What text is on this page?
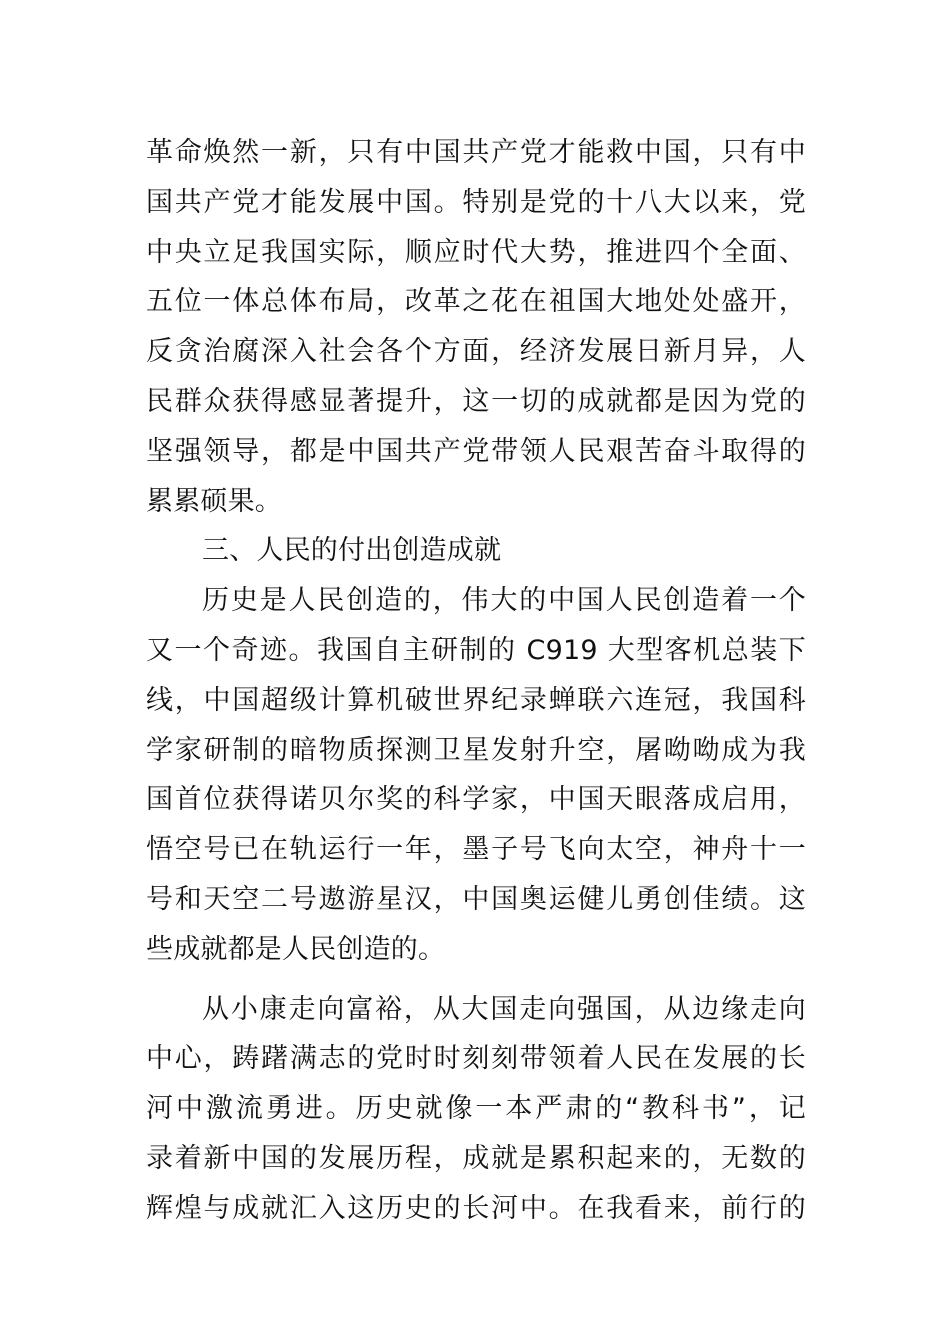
革命焕然一新，只有中国共产党才能救中国，只有中
国共产党才能发展中国。特别是党的十八大以来，党
中央立足我国实际，顺应时代大势，推进四个全面、
五位一体总体布局，改革之花在祖国大地处处盛开，
反贪治腐深入社会各个方面，经济发展日新月异，人
民群众获得感显著提升，这一切的成就都是因为党的
坚强领导，都是中国共产党带领人民艰苦奋斗取得的
累累硕果。
三、人民的付出创造成就
历史是人民创造的，伟大的中国人民创造着一个
又一个奇迹。我国自主研制的 C919 大型客机总装下
线，中国超级计算机破世界纪录蝉联六连冠，我国科
学家研制的暗物质探测卫星发射升空，屠呦呦成为我
国首位获得诺贝尔奖的科学家，中国天眼落成启用，
悟空号已在轨运行一年，墨子号飞向太空，神舟十一
号和天空二号遨游星汉，中国奥运健儿勇创佳绩。这
些成就都是人民创造的。
从小康走向富裕，从大国走向强国，从边缘走向
中心，踌躇满志的党时时刻刻带领着人民在发展的长
河中激流勇进。历史就像一本严肃的“教科书”，记
录着新中国的发展历程，成就是累积起来的，无数的
辉煌与成就汇入这历史的长河中。在我看来，前行的
